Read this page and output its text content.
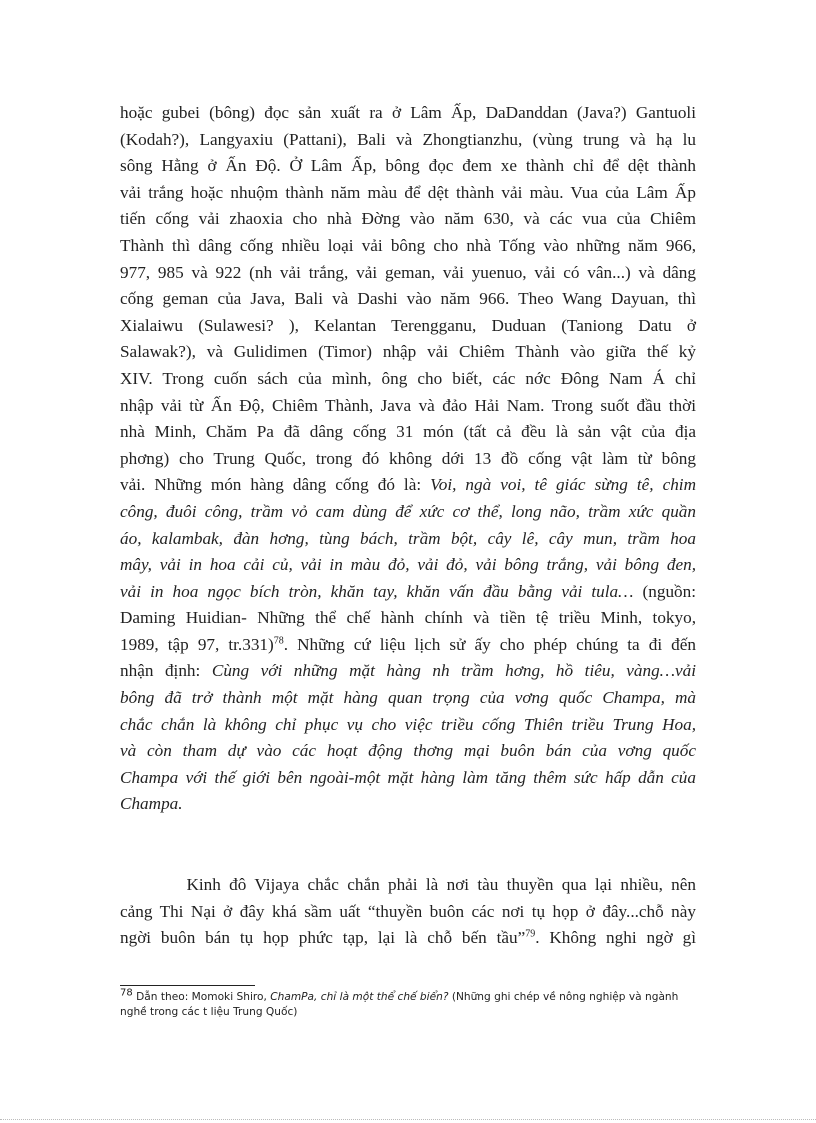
hoặc gubei (bông) đọc sản xuất ra ở Lâm Ấp, DaDanddan (Java?) Gantuoli
(Kodah?), Langyaxiu (Pattani), Bali và Zhongtianzhu, (vùng trung và hạ lu
sông Hằng ở Ấn Độ. Ở Lâm Ấp, bông đọc đem xe thành chỉ để dệt thành
vải trắng hoặc nhuộm thành năm màu để dệt thành vải màu. Vua của Lâm Ấp
tiến cống vải zhaoxia cho nhà Đờng vào năm 630, và các vua của Chiêm
Thành thì dâng cống nhiều loại vải bông cho nhà Tống vào những năm 966,
977, 985 và 922 (nh vải trắng, vải geman, vải yuenuo, vải có vân...) và dâng
cống geman của Java, Bali và Dashi vào năm 966. Theo Wang Dayuan, thì
Xialaiwu (Sulawesi? ), Kelantan Terengganu, Duduan (Taniong Datu ở
Salawak?), và Gulidimen (Timor) nhập vải Chiêm Thành vào giữa thế kỷ
XIV. Trong cuốn sách của mình, ông cho biết, các nớc Đông Nam Á chỉ
nhập vải từ Ấn Độ, Chiêm Thành, Java và đảo Hải Nam. Trong suốt đầu thời
nhà Minh, Chăm Pa đã dâng cống 31 món (tất cả đều là sản vật của địa
phơng) cho Trung Quốc, trong đó không dới 13 đồ cống vật làm từ bông
vải. Những món hàng dâng cống đó là: Voi, ngà voi, tê giác sừng tê, chim
công, đuôi công, trầm vỏ cam dùng để xức cơ thể, long não, trầm xức quần
áo, kalambak, đàn hơng, tùng bách, trầm bột, cây lê, cây mun, trầm hoa
mây, vải in hoa cải củ, vải in màu đỏ, vải đỏ, vải bông trắng, vải bông đen,
vải in hoa ngọc bích tròn, khăn tay, khăn vấn đầu bằng vải tula… (nguồn:
Daming Huidian- Những thể chế hành chính và tiền tệ triều Minh, tokyo,
1989, tập 97, tr.331)$^{78}$. Những cứ liệu lịch sử ấy cho phép chúng ta đi đến
nhận định: Cùng với những mặt hàng nh trầm hơng, hồ tiêu, vàng…vải
bông đã trở thành một mặt hàng quan trọng của vơng quốc Champa, mà
chắc chắn là không chỉ phục vụ cho việc triều cống Thiên triều Trung Hoa,
và còn tham dự vào các hoạt động thơng mại buôn bán của vơng quốc
Champa với thế giới bên ngoài-một mặt hàng làm tăng thêm sức hấp dẫn của
Champa.
Kinh đô Vijaya chắc chắn phải là nơi tàu thuyền qua lại nhiều, nên
cảng Thi Nại ở đây khá sầm uất “thuyền buôn các nơi tụ họp ở đây...chỗ này
ngời buôn bán tụ họp phức tạp, lại là chỗ bến tầu”$^{79}$. Không nghi ngờ gì
$^{78}$ Dẫn theo: Momoki Shiro, ChamPa, chỉ là một thể chế biển? (Những ghi chép về nông nghiệp và ngành
nghề trong các t liệu Trung Quốc)
